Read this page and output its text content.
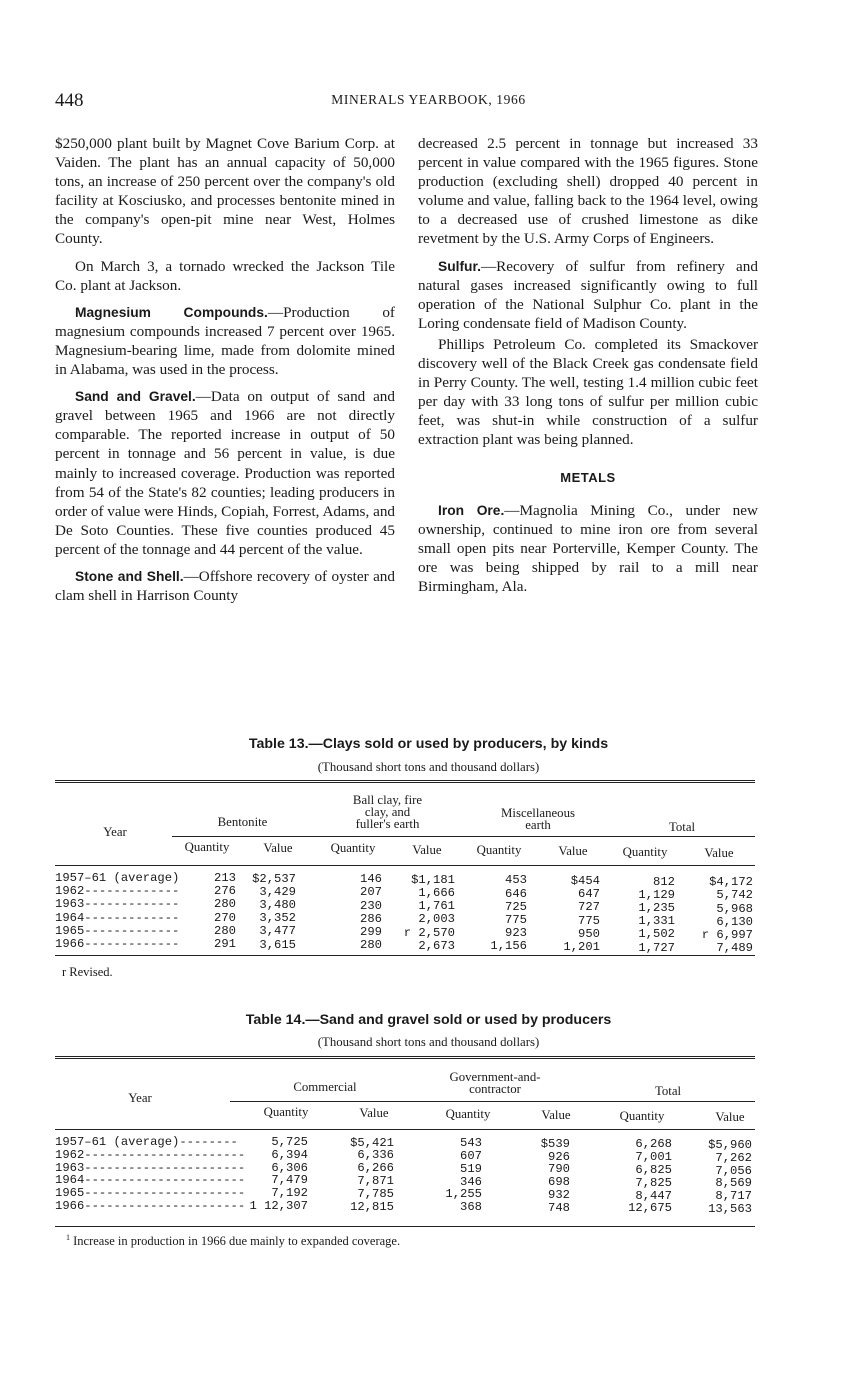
448	MINERALS YEARBOOK, 1966

$250,000 plant built by Magnet Cove Barium Corp. at Vaiden. The plant has an annual capacity of 50,000 tons, an increase of 250 percent over the company's old facility at Kosciusko, and processes bentonite mined in the company's open-pit mine near West, Holmes County.

On March 3, a tornado wrecked the Jackson Tile Co. plant at Jackson.

Magnesium Compounds.—Production of magnesium compounds increased 7 percent over 1965. Magnesium-bearing lime, made from dolomite mined in Alabama, was used in the process.

Sand and Gravel.—Data on output of sand and gravel between 1965 and 1966 are not directly comparable. The reported increase in output of 50 percent in tonnage and 56 percent in value, is due mainly to increased coverage. Production was reported from 54 of the State's 82 counties; leading producers in order of value were Hinds, Copiah, Forrest, Adams, and De Soto Counties. These five counties produced 45 percent of the tonnage and 44 percent of the value.

Stone and Shell.—Offshore recovery of oyster and clam shell in Harrison County

decreased 2.5 percent in tonnage but increased 33 percent in value compared with the 1965 figures. Stone production (excluding shell) dropped 40 percent in volume and value, falling back to the 1964 level, owing to a decreased use of crushed limestone as dike revetment by the U.S. Army Corps of Engineers.

Sulfur.—Recovery of sulfur from refinery and natural gases increased significantly owing to full operation of the National Sulphur Co. plant in the Loring condensate field of Madison County.

Phillips Petroleum Co. completed its Smackover discovery well of the Black Creek gas condensate field in Perry County. The well, testing 1.4 million cubic feet per day with 33 long tons of sulfur per million cubic feet, was shut-in while construction of a sulfur extraction plant was being planned.

METALS

Iron Ore.—Magnolia Mining Co., under new ownership, continued to mine iron ore from several small open pits near Porterville, Kemper County. The ore was being shipped by rail to a mill near Birmingham, Ala.

Table 13.—Clays sold or used by producers, by kinds
(Thousand short tons and thousand dollars)
Year
Bentonite
Ball clay, fire
clay, and
fuller's earth
Miscellaneous
earth	Total
Quantity	Value	Quantity	Value	Quantity	Value	Quantity	Value
1957–61 (average)	213	$2,537	146	$1,181	453	$454	812	$4,172
1962-------------	276	3,429	207	1,666	646	647	1,129	5,742
1963-------------	280	3,480	230	1,761	725	727	1,235	5,968
1964-------------	270	3,352	286	2,003	775	775	1,331	6,130
1965-------------	280	3,477	299	r 2,570	923	950	1,502	r 6,997
1966-------------	291	3,615	280	2,673	1,156	1,201	1,727	7,489
r Revised.
Table 14.—Sand and gravel sold or used by producers
(Thousand short tons and thousand dollars)
Year
Commercial
Government-and-
contractor	Total
Quantity	Value	Quantity	Value	Quantity	Value
1957–61 (average)--------	5,725	$5,421	543	$539	6,268	$5,960
1962----------------------	6,394	6,336	607	926	7,001	7,262
1963----------------------	6,306	6,266	519	790	6,825	7,056
1964----------------------	7,479	7,871	346	698	7,825	8,569
1965----------------------	7,192	7,785	1,255	932	8,447	8,717
1966---------------------- 1 12,307	12,815	368	748	12,675	13,563
$^1$ Increase in production in 1966 due mainly to expanded coverage.
